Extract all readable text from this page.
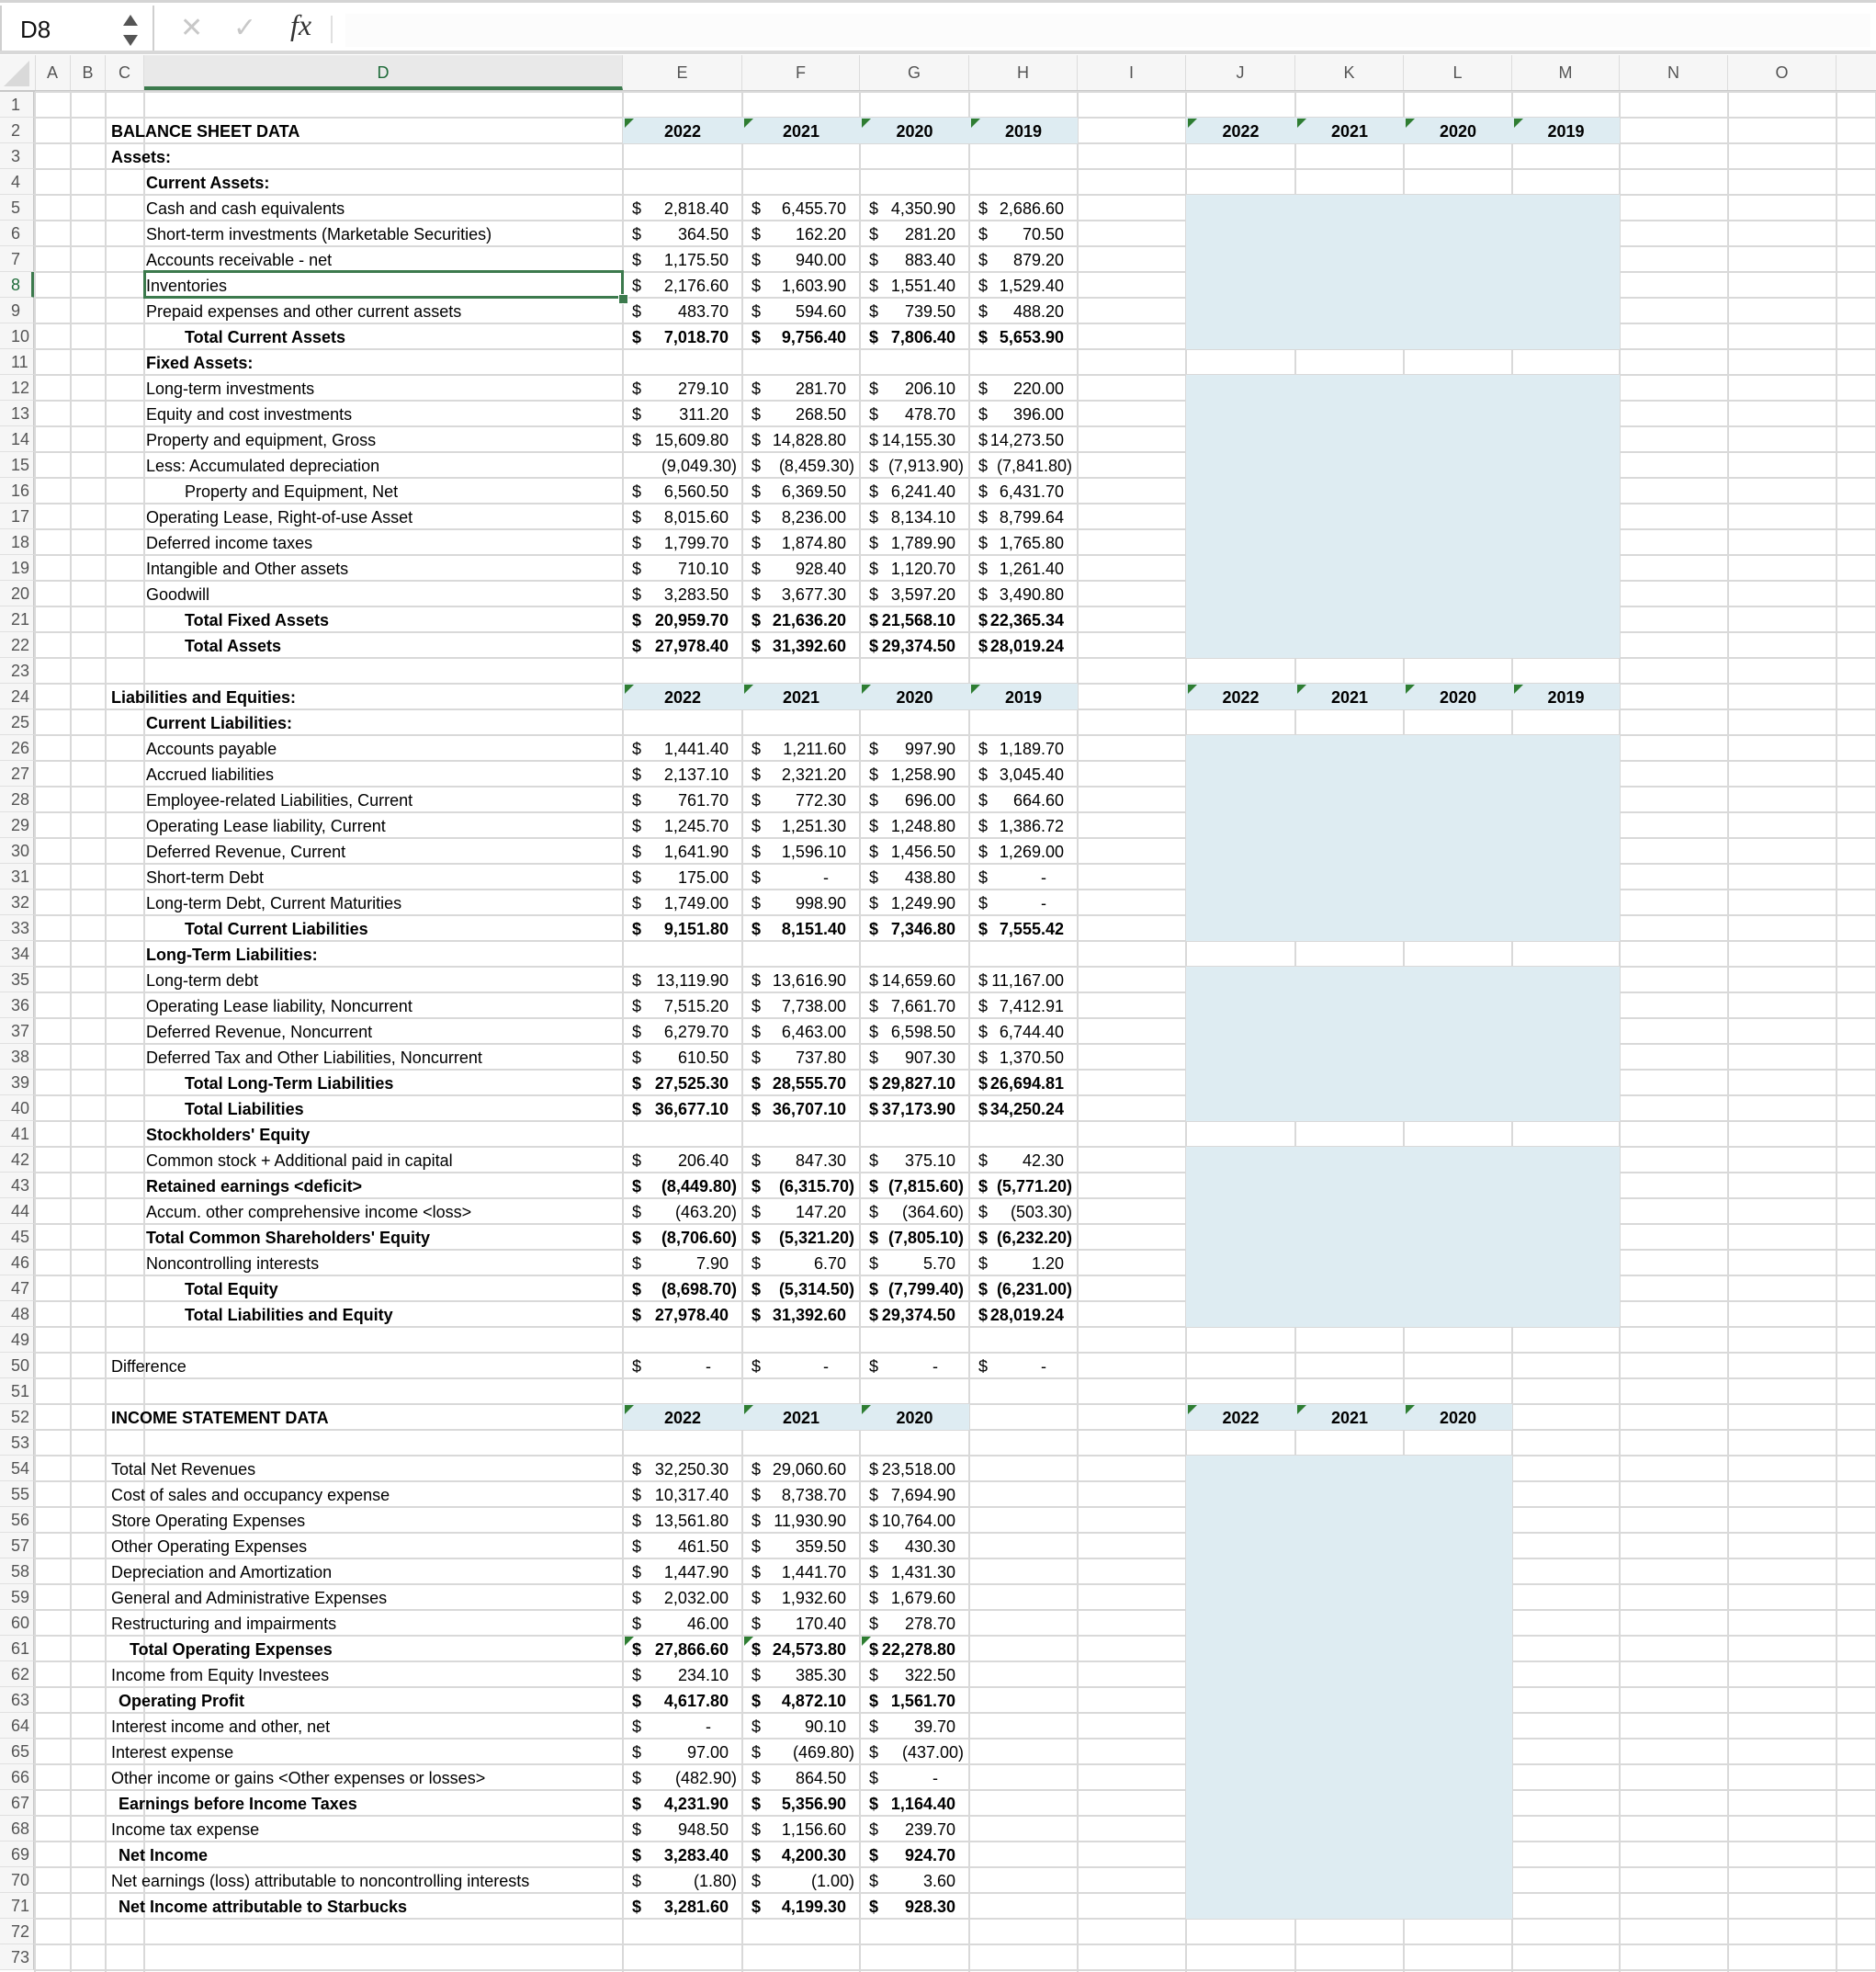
D8	✕ ✓ fx
A	B	C	D	E	F	G	H	I	J	K	L	M	N	O
1
2
3
4
5
6
7
8
9
10
11
12
13
14
15
16
17
18
19
20
21
22
23
24
25
26
27
28
29
30
31
32
33
34
35
36
37
38
39
40
41
42
43
44
45
46
47
48
49
50
51
52
53
54
55
56
57
58
59
60
61
62
63
64
65
66
67
68
69
70
71
72
73
BALANCE SHEET DATA	2022	2021	2020	2019	2022	2021	2020	2019
Assets:
Current Assets:
Cash and cash equivalents	$ 2,818.40	$ 6,455.70	$ 4,350.90	$ 2,686.60
Short-term investments (Marketable Securities)	$ 364.50	$ 162.20	$ 281.20	$ 70.50
Accounts receivable - net	$ 1,175.50	$ 940.00	$ 883.40	$ 879.20
Inventories	$ 2,176.60	$ 1,603.90	$ 1,551.40	$ 1,529.40
Prepaid expenses and other current assets	$ 483.70	$ 594.60	$ 739.50	$ 488.20
Total Current Assets	$ 7,018.70	$ 9,756.40	$ 7,806.40	$ 5,653.90
Fixed Assets:
Long-term investments	$ 279.10	$ 281.70	$ 206.10	$ 220.00
Equity and cost investments	$ 311.20	$ 268.50	$ 478.70	$ 396.00
Property and equipment, Gross	$ 15,609.80	$ 14,828.80	$ 14,155.30	$ 14,273.50
Less: Accumulated depreciation	(9,049.30) $ (8,459.30) $ (7,913.90) $ (7,841.80)
Property and Equipment, Net	$ 6,560.50	$ 6,369.50	$ 6,241.40	$ 6,431.70
Operating Lease, Right-of-use Asset	$ 8,015.60	$ 8,236.00	$ 8,134.10	$ 8,799.64
Deferred income taxes	$ 1,799.70	$ 1,874.80	$ 1,789.90	$ 1,765.80
Intangible and Other assets	$ 710.10	$ 928.40	$ 1,120.70	$ 1,261.40
Goodwill	$ 3,283.50	$ 3,677.30	$ 3,597.20	$ 3,490.80
Total Fixed Assets	$ 20,959.70	$ 21,636.20	$ 21,568.10	$ 22,365.34
Total Assets	$ 27,978.40	$ 31,392.60	$ 29,374.50	$ 28,019.24
Liabilities and Equities:	2022	2021	2020	2019	2022	2021	2020	2019
Current Liabilities:
Accounts payable	$ 1,441.40	$ 1,211.60	$ 997.90	$ 1,189.70
Accrued liabilities	$ 2,137.10	$ 2,321.20	$ 1,258.90	$ 3,045.40
Employee-related Liabilities, Current	$ 761.70	$ 772.30	$ 696.00	$ 664.60
Operating Lease liability, Current	$ 1,245.70	$ 1,251.30	$ 1,248.80	$ 1,386.72
Deferred Revenue, Current	$ 1,641.90	$ 1,596.10	$ 1,456.50	$ 1,269.00
Short-term Debt	$ 175.00	$	-	$ 438.80	$	-
Long-term Debt, Current Maturities	$ 1,749.00	$ 998.90	$ 1,249.90	$	-
Total Current Liabilities	$ 9,151.80	$ 8,151.40	$ 7,346.80	$ 7,555.42
Long-Term Liabilities:
Long-term debt	$ 13,119.90	$ 13,616.90	$ 14,659.60	$ 11,167.00
Operating Lease liability, Noncurrent	$ 7,515.20	$ 7,738.00	$ 7,661.70	$ 7,412.91
Deferred Revenue, Noncurrent	$ 6,279.70	$ 6,463.00	$ 6,598.50	$ 6,744.40
Deferred Tax and Other Liabilities, Noncurrent	$ 610.50	$ 737.80	$ 907.30	$ 1,370.50
Total Long-Term Liabilities	$ 27,525.30	$ 28,555.70	$ 29,827.10	$ 26,694.81
Total Liabilities	$ 36,677.10	$ 36,707.10	$ 37,173.90	$ 34,250.24
Stockholders' Equity
Common stock + Additional paid in capital	$ 206.40	$ 847.30	$ 375.10	$ 42.30
Retained earnings <deficit>	$ (8,449.80) $ (6,315.70) $ (7,815.60) $ (5,771.20)
Accum. other comprehensive income <loss>	$ (463.20) $ 147.20	$ (364.60) $ (503.30)
Total Common Shareholders' Equity	$ (8,706.60) $ (5,321.20) $ (7,805.10) $ (6,232.20)
Noncontrolling interests	$	7.90	$	6.70	$	5.70	$	1.20
Total Equity	$ (8,698.70) $ (5,314.50) $ (7,799.40) $ (6,231.00)
Total Liabilities and Equity	$ 27,978.40	$ 31,392.60	$ 29,374.50	$ 28,019.24
Difference	$	-	$	-	$	-	$	-
INCOME STATEMENT DATA	2022	2021	2020	2022	2021	2020
Total Net Revenues	$ 32,250.30	$ 29,060.60	$ 23,518.00
Cost of sales and occupancy expense	$ 10,317.40	$ 8,738.70	$ 7,694.90
Store Operating Expenses	$ 13,561.80	$ 11,930.90	$ 10,764.00
Other Operating Expenses	$ 461.50	$ 359.50	$ 430.30
Depreciation and Amortization	$ 1,447.90	$ 1,441.70	$ 1,431.30
General and Administrative Expenses	$ 2,032.00	$ 1,932.60	$ 1,679.60
Restructuring and impairments	$	46.00	$ 170.40	$ 278.70
Total Operating Expenses	$ 27,866.60	$ 24,573.80	$ 22,278.80
Income from Equity Investees	$ 234.10	$ 385.30	$ 322.50
Operating Profit	$ 4,617.80	$ 4,872.10	$ 1,561.70
Interest income and other, net	$	-	$	90.10	$ 39.70
Interest expense	$	97.00	$ (469.80) $ (437.00)
Other income or gains <Other expenses or losses>	$ (482.90) $ 864.50	$	-
Earnings before Income Taxes	$ 4,231.90	$ 5,356.90	$ 1,164.40
Income tax expense	$ 948.50	$ 1,156.60	$ 239.70
Net Income	$ 3,283.40	$ 4,200.30	$ 924.70
Net earnings (loss) attributable to noncontrolling interests	$	(1.80) $	(1.00) $	3.60
Net Income attributable to Starbucks	$ 3,281.60	$ 4,199.30	$ 928.30
